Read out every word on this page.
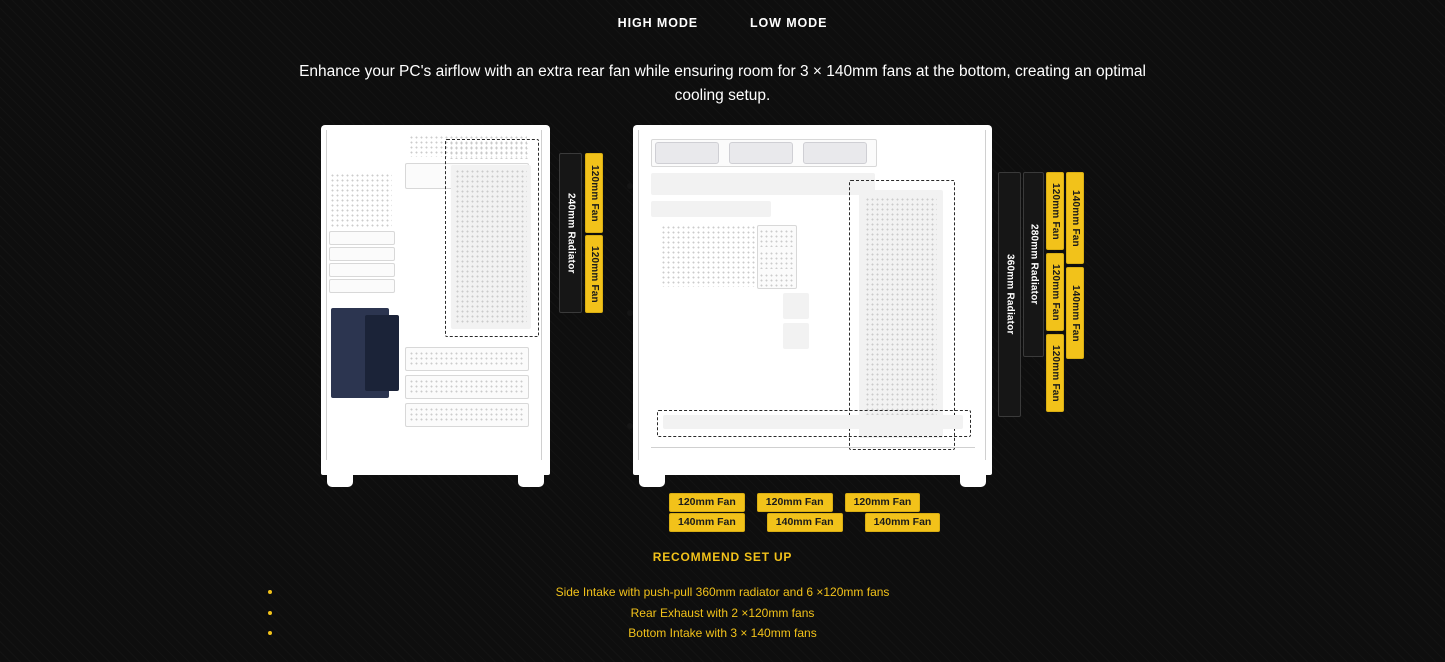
HIGH MODE	LOW MODE
Enhance your PC's airflow with an extra rear fan while ensuring room for 3 × 140mm fans at the bottom, creating an optimal cooling setup.
240mm Radiator	120mm Fan
120mm Fan	360mm Radiator	280mm Radiator
120mm Fan
120mm Fan
120mm Fan
140mm Fan
140mm Fan
120mm Fan	120mm Fan	120mm Fan
140mm Fan	140mm Fan	140mm Fan
RECOMMEND SET UP
Side Intake with push-pull 360mm radiator and 6 ×120mm fans
Rear Exhaust with 2 ×120mm fans
Bottom Intake with 3 × 140mm fans
